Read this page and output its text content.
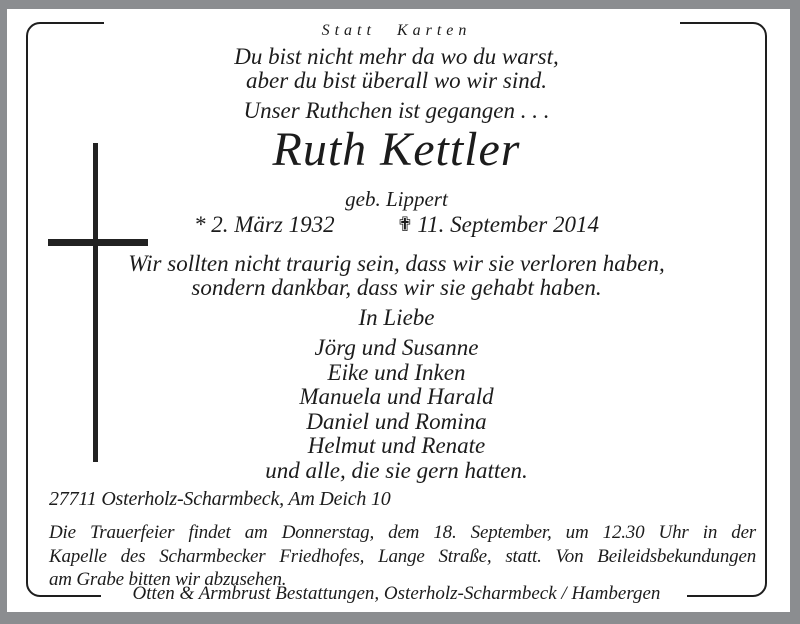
Statt Karten
Du bist nicht mehr da wo du warst,
aber du bist überall wo wir sind.
Unser Ruthchen ist gegangen . . .
Ruth Kettler
geb. Lippert
* 2. März 1932	✟ 11. September 2014
Wir sollten nicht traurig sein, dass wir sie verloren haben,
sondern dankbar, dass wir sie gehabt haben.
In Liebe
Jörg und Susanne
Eike und Inken
Manuela und Harald
Daniel und Romina
Helmut und Renate
und alle, die sie gern hatten.
27711 Osterholz-Scharmbeck, Am Deich 10
Die Trauerfeier findet am Donnerstag, dem 18. September, um 12.30 Uhr in der
Kapelle des Scharmbecker Friedhofes, Lange Straße, statt. Von Beileidsbekundungen
am Grabe bitten wir abzusehen.
Otten & Armbrust Bestattungen, Osterholz-Scharmbeck / Hambergen
